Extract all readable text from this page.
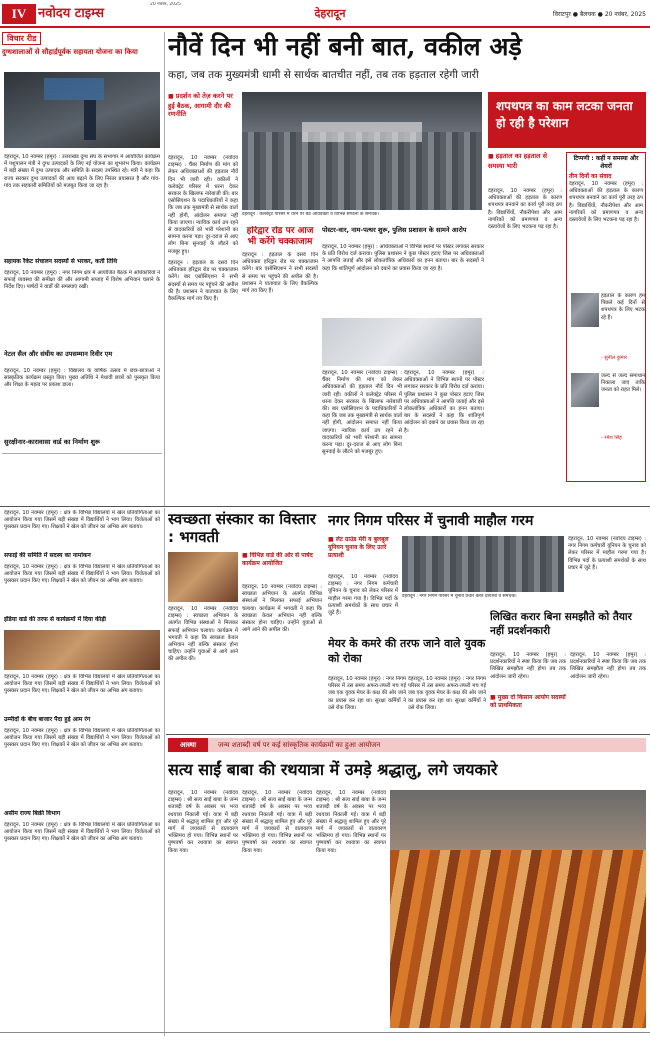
IV नवोदय टाइम्स
20 नवंबर, 2025
देहरादून	विराटपुर ● बैलचक ● 20 नवंबर, 2025
विचार रीड
दुग्धशालाओं से सौहार्द्रपूर्वक सहायता योजना का किया
देहरादून, 10 नवम्बर (हमूर) : उत्तराखंड दुग्ध संघ के सभागार में आयोजित कार्यक्रम में पशुपालन मंत्री ने दुग्ध उत्पादकों के लिए नई योजना का शुभारंभ किया। कार्यक्रम में बड़ी संख्या में दुग्ध उत्पादक और समिति के सदस्य उपस्थित रहे। मंत्री ने कहा कि राज्य सरकार दुग्ध उत्पादकों की आय बढ़ाने के लिए निरंतर प्रयासरत है और गांव-गांव तक सहकारी समितियों को मजबूत किया जा रहा है।
सहायक रैकेट संचालन सदस्यों से भरकर, कर्ती तिथि
देहरादून, 10 नवम्बर (हमूर) : नगर निगम क्षेत्र में आयोजित बैठक में अधिकारियों ने सफाई व्यवस्था की समीक्षा की और आगामी सप्ताह में विशेष अभियान चलाने के निर्देश दिए। पार्षदों ने वार्डों की समस्याएं रखीं।
नेटल सैल और संघीय का उपसम्मान रिवीर एम
देहरादून, 10 नवम्बर (हमूर) : विद्यालय के वार्षिक उत्सव में छात्र-छात्राओं ने सांस्कृतिक कार्यक्रम प्रस्तुत किए। मुख्य अतिथि ने मेधावी छात्रों को पुरस्कृत किया और शिक्षा के महत्व पर प्रकाश डाला।
सुरक्षीनार-कारावासा वार्ड का निर्माण शुरू
नौवें दिन भी नहीं बनी बात, वकील अड़े
कहा, जब तक मुख्यमंत्री धामी से सार्थक बातचीत नहीं, तब तक हड़ताल रहेगी जारी
■ प्रदर्शन को तेज़ करने पर हुई बैठक, आगामी दौर की रणनीति
देहरादून, 10 नवम्बर (नवोदय टाइम्स) : चैंबर निर्माण की मांग को लेकर अधिवक्ताओं की हड़ताल नौवें दिन भी जारी रही। वकीलों ने कलेक्ट्रेट परिसर में धरना देकर सरकार के खिलाफ नारेबाजी की। बार एसोसिएशन के पदाधिकारियों ने कहा कि जब तक मुख्यमंत्री से सार्थक वार्ता नहीं होगी, आंदोलन समाप्त नहीं किया जाएगा। न्यायिक कार्य ठप रहने से वादकारियों को भारी परेशानी का सामना करना पड़ा। दूर-दराज से आए लोग बिना सुनवाई के लौटने को मजबूर हुए।
देहरादून : कलेक्ट्रेट परिसर में धरने पर बैठे अधिवक्ता व विभिन्न संगठनों के समर्थक।
हरिद्वार रोड पर आज भी करेंगे चक्काजाम
देहरादून : हड़ताल के दसवें दिन अधिवक्ता हरिद्वार रोड पर चक्काजाम करेंगे। बार एसोसिएशन ने सभी सदस्यों से समय पर पहुंचने की अपील की है। प्रशासन ने यातायात के लिए वैकल्पिक मार्ग तय किए हैं।
पोस्टर-वार, नाम-पत्थर शुरू, पुलिस प्रशासन के सामने आरोप
देहरादून, 10 नवम्बर (हमूर) : अधिवक्ताओं ने विभिन्न स्थानों पर पोस्टर लगाकर सरकार के प्रति विरोध दर्ज कराया। पुलिस प्रशासन ने कुछ पोस्टर हटाए जिस पर अधिवक्ताओं ने आपत्ति जताई और इसे लोकतांत्रिक अधिकारों का हनन बताया। बार के सदस्यों ने कहा कि शांतिपूर्ण आंदोलन को दबाने का प्रयास किया जा रहा है।
देहरादून, 10 नवम्बर (नवोदय टाइम्स) : चैंबर निर्माण की मांग को लेकर अधिवक्ताओं की हड़ताल नौवें दिन भी जारी रही। वकीलों ने कलेक्ट्रेट परिसर में धरना देकर सरकार के खिलाफ नारेबाजी की। बार एसोसिएशन के पदाधिकारियों ने कहा कि जब तक मुख्यमंत्री से सार्थक वार्ता नहीं होगी, आंदोलन समाप्त नहीं किया जाएगा। न्यायिक कार्य ठप रहने से वादकारियों को भारी परेशानी का सामना करना पड़ा। दूर-दराज से आए लोग बिना सुनवाई के लौटने को मजबूर हुए।
देहरादून, 10 नवम्बर (हमूर) : अधिवक्ताओं ने विभिन्न स्थानों पर पोस्टर लगाकर सरकार के प्रति विरोध दर्ज कराया। पुलिस प्रशासन ने कुछ पोस्टर हटाए जिस पर अधिवक्ताओं ने आपत्ति जताई और इसे लोकतांत्रिक अधिकारों का हनन बताया। बार के सदस्यों ने कहा कि शांतिपूर्ण आंदोलन को दबाने का प्रयास किया जा रहा है।
देहरादून : हड़ताल के दसवें दिन अधिवक्ता हरिद्वार रोड पर चक्काजाम करेंगे। बार एसोसिएशन ने सभी सदस्यों से समय पर पहुंचने की अपील की है। प्रशासन ने यातायात के लिए वैकल्पिक मार्ग तय किए हैं।
शपथपत्र का काम लटका जनता हो रही है परेशान
■ हड़ताल का हड़ताल से समस्या भारी
देहरादून, 10 नवम्बर (हमूर) : अधिवक्ताओं की हड़ताल के कारण शपथपत्र बनवाने का कार्य पूरी तरह ठप है। विद्यार्थियों, नौकरीपेशा और आम नागरिकों को प्रमाणपत्र व अन्य दस्तावेजों के लिए भटकना पड़ रहा है।
टिप्पणी : कहीं न समस्या और शेयरों
तीन दिनों का संवाद
देहरादून, 10 नवम्बर (हमूर) : अधिवक्ताओं की हड़ताल के कारण शपथपत्र बनवाने का कार्य पूरी तरह ठप है। विद्यार्थियों, नौकरीपेशा और आम नागरिकों को प्रमाणपत्र व अन्य दस्तावेजों के लिए भटकना पड़ रहा है।
हड़ताल के कारण हम पिछले कई दिनों से शपथपत्र के लिए भटक रहे हैं।
- सुनील कुमार
जल्द से जल्द समाधान निकाला जाए ताकि जनता को राहत मिले।
- रमेश सिंह
स्वच्छता संस्कार का विस्तार : भगवती
नगर निगम परिसर में चुनावी माहौल गरम
देहरादून, 10 नवम्बर (नवोदय टाइम्स) : स्वच्छता अभियान के अंतर्गत विभिन्न संस्थाओं ने मिलकर सफाई अभियान चलाया। कार्यक्रम में भगवती ने कहा कि स्वच्छता केवल अभियान नहीं बल्कि संस्कार होना चाहिए। उन्होंने युवाओं से आगे आने की अपील की।
■ विभिन्न वार्ड की ओर से पार्षद कार्यक्रम आयोजित
देहरादून, 10 नवम्बर (नवोदय टाइम्स) : स्वच्छता अभियान के अंतर्गत विभिन्न संस्थाओं ने मिलकर सफाई अभियान चलाया। कार्यक्रम में भगवती ने कहा कि स्वच्छता केवल अभियान नहीं बल्कि संस्कार होना चाहिए। उन्होंने युवाओं से आगे आने की अपील की।
■ लेट ग्राउंड मेरी व बुलबुल यूनियन चुनाव के लिए उतरे प्रत्याशी
देहरादून, 10 नवम्बर (नवोदय टाइम्स) : नगर निगम कर्मचारी यूनियन के चुनाव को लेकर परिसर में माहौल गरमा गया है। विभिन्न पदों के प्रत्याशी समर्थकों के साथ प्रचार में जुटे हैं।
देहरादून : नगर निगम परिसर में चुनाव प्रचार करते प्रत्याशी व समर्थक।
देहरादून, 10 नवम्बर (नवोदय टाइम्स) : नगर निगम कर्मचारी यूनियन के चुनाव को लेकर परिसर में माहौल गरमा गया है। विभिन्न पदों के प्रत्याशी समर्थकों के साथ प्रचार में जुटे हैं।
मेयर के कमरे की तरफ जाने वाले युवक को रोका
देहरादून, 10 नवम्बर (हमूर) : नगर निगम परिसर में उस समय अफरा-तफरी मच गई जब एक युवक मेयर के कक्ष की ओर जाने का प्रयास कर रहा था। सुरक्षा कर्मियों ने उसे रोक लिया।
देहरादून, 10 नवम्बर (हमूर) : नगर निगम परिसर में उस समय अफरा-तफरी मच गई जब एक युवक मेयर के कक्ष की ओर जाने का प्रयास कर रहा था। सुरक्षा कर्मियों ने उसे रोक लिया।
लिखित करार बिना समझौते को तैयार नहीं प्रदर्शनकारी
देहरादून, 10 नवम्बर (हमूर) : प्रदर्शनकारियों ने स्पष्ट किया कि जब तक लिखित समझौता नहीं होगा तब तक आंदोलन जारी रहेगा।
■ मुख्य दो किसान आयोग सदस्यों को प्राथमिकता
देहरादून, 10 नवम्बर (हमूर) : प्रदर्शनकारियों ने स्पष्ट किया कि जब तक लिखित समझौता नहीं होगा तब तक आंदोलन जारी रहेगा।
देहरादून, 10 नवम्बर (हमूर) : क्षेत्र के विभिन्न विद्यालयों में खेल प्रतियोगिताओं का आयोजन किया गया जिसमें बड़ी संख्या में विद्यार्थियों ने भाग लिया। विजेताओं को पुरस्कार प्रदान किए गए। शिक्षकों ने खेल को जीवन का अभिन्न अंग बताया।
सफाई की समिति में सदस्य का नामांकन
देहरादून, 10 नवम्बर (हमूर) : क्षेत्र के विभिन्न विद्यालयों में खेल प्रतियोगिताओं का आयोजन किया गया जिसमें बड़ी संख्या में विद्यार्थियों ने भाग लिया। विजेताओं को पुरस्कार प्रदान किए गए। शिक्षकों ने खेल को जीवन का अभिन्न अंग बताया।
इंडिया वार्ड की तरफ से कार्यक्रमों में दिया कीड़ी
देहरादून, 10 नवम्बर (हमूर) : क्षेत्र के विभिन्न विद्यालयों में खेल प्रतियोगिताओं का आयोजन किया गया जिसमें बड़ी संख्या में विद्यार्थियों ने भाग लिया। विजेताओं को पुरस्कार प्रदान किए गए। शिक्षकों ने खेल को जीवन का अभिन्न अंग बताया।
उम्मीदों के बीच बाजार पैदा हुई आम रंग
देहरादून, 10 नवम्बर (हमूर) : क्षेत्र के विभिन्न विद्यालयों में खेल प्रतियोगिताओं का आयोजन किया गया जिसमें बड़ी संख्या में विद्यार्थियों ने भाग लिया। विजेताओं को पुरस्कार प्रदान किए गए। शिक्षकों ने खेल को जीवन का अभिन्न अंग बताया।
असीम राज्य बिक्री विभाग
देहरादून, 10 नवम्बर (हमूर) : क्षेत्र के विभिन्न विद्यालयों में खेल प्रतियोगिताओं का आयोजन किया गया जिसमें बड़ी संख्या में विद्यार्थियों ने भाग लिया। विजेताओं को पुरस्कार प्रदान किए गए। शिक्षकों ने खेल को जीवन का अभिन्न अंग बताया।
आस्था	जन्म शताब्दी वर्ष पर कई सांस्कृतिक कार्यक्रमों का हुआ आयोजन
सत्य साईं बाबा की रथयात्रा में उमड़े श्रद्धालु, लगे जयकारे
देहरादून, 10 नवम्बर (नवोदय टाइम्स) : श्री सत्य साईं बाबा के जन्म शताब्दी वर्ष के अवसर पर भव्य रथयात्रा निकाली गई। यात्रा में बड़ी संख्या में श्रद्धालु शामिल हुए और पूरे मार्ग में जयकारों से वातावरण भक्तिमय हो गया। विभिन्न स्थानों पर पुष्पवर्षा कर रथयात्रा का स्वागत किया गया।
देहरादून, 10 नवम्बर (नवोदय टाइम्स) : श्री सत्य साईं बाबा के जन्म शताब्दी वर्ष के अवसर पर भव्य रथयात्रा निकाली गई। यात्रा में बड़ी संख्या में श्रद्धालु शामिल हुए और पूरे मार्ग में जयकारों से वातावरण भक्तिमय हो गया। विभिन्न स्थानों पर पुष्पवर्षा कर रथयात्रा का स्वागत किया गया।
देहरादून, 10 नवम्बर (नवोदय टाइम्स) : श्री सत्य साईं बाबा के जन्म शताब्दी वर्ष के अवसर पर भव्य रथयात्रा निकाली गई। यात्रा में बड़ी संख्या में श्रद्धालु शामिल हुए और पूरे मार्ग में जयकारों से वातावरण भक्तिमय हो गया। विभिन्न स्थानों पर पुष्पवर्षा कर रथयात्रा का स्वागत किया गया।
